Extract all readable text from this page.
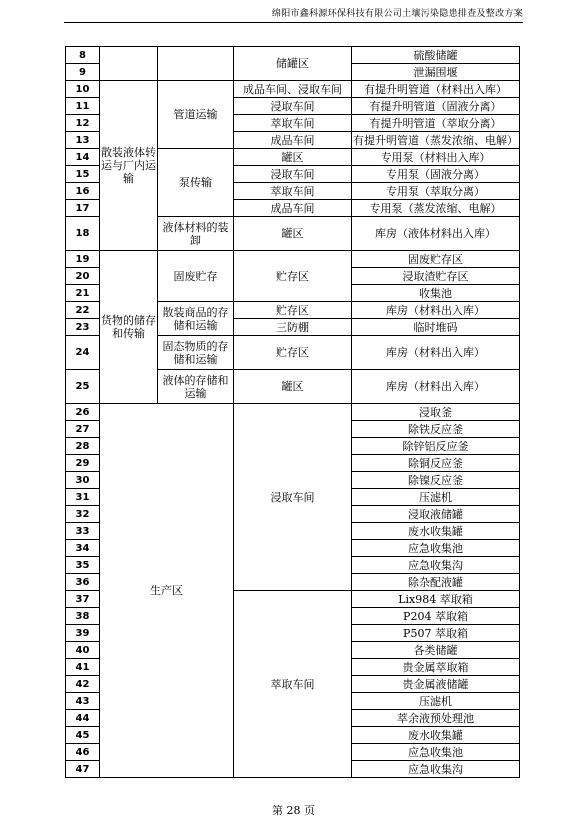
绵阳市鑫科源环保科技有限公司土壤污染隐患排查及整改方案
8			储罐区	硫酸储罐
9				泄漏围堰
10	散装液体转运与厂内运输	管道运输	成品车间、浸取车间	有提升明管道（材料出入库）
11			浸取车间	有提升明管道（固液分离）
12			萃取车间	有提升明管道（萃取分离）
13			成品车间	有提升明管道（蒸发浓缩、电解）
14		泵传输	罐区	专用泵（材料出入库）
15			浸取车间	专用泵（固液分离）
16			萃取车间	专用泵（萃取分离）
17			成品车间	专用泵（蒸发浓缩、电解）
18		液体材料的装卸	罐区	库房（液体材料出入库）
19	货物的储存和传输	固废贮存	贮存区	固废贮存区
20				浸取渣贮存区
21				收集池
22		散装商品的存储和运输	贮存区	库房（材料出入库）
23			三防棚	临时堆码
24		固态物质的存储和运输	贮存区	库房（材料出入库）
25		液体的存储和运输	罐区	库房（材料出入库）
26	生产区		浸取车间	浸取釜
27				除铁反应釜
28				除锌铝反应釜
29				除铜反应釜
30				除镍反应釜
31				压滤机
32				浸取液储罐
33				废水收集罐
34				应急收集池
35				应急收集沟
36				除杂配液罐
37			萃取车间	Lix984 萃取箱
38				P204 萃取箱
39				P507 萃取箱
40				各类储罐
41				贵金属萃取箱
42				贵金属液储罐
43				压滤机
44				萃余液预处理池
45				废水收集罐
46				应急收集池
47				应急收集沟
第 28 页
